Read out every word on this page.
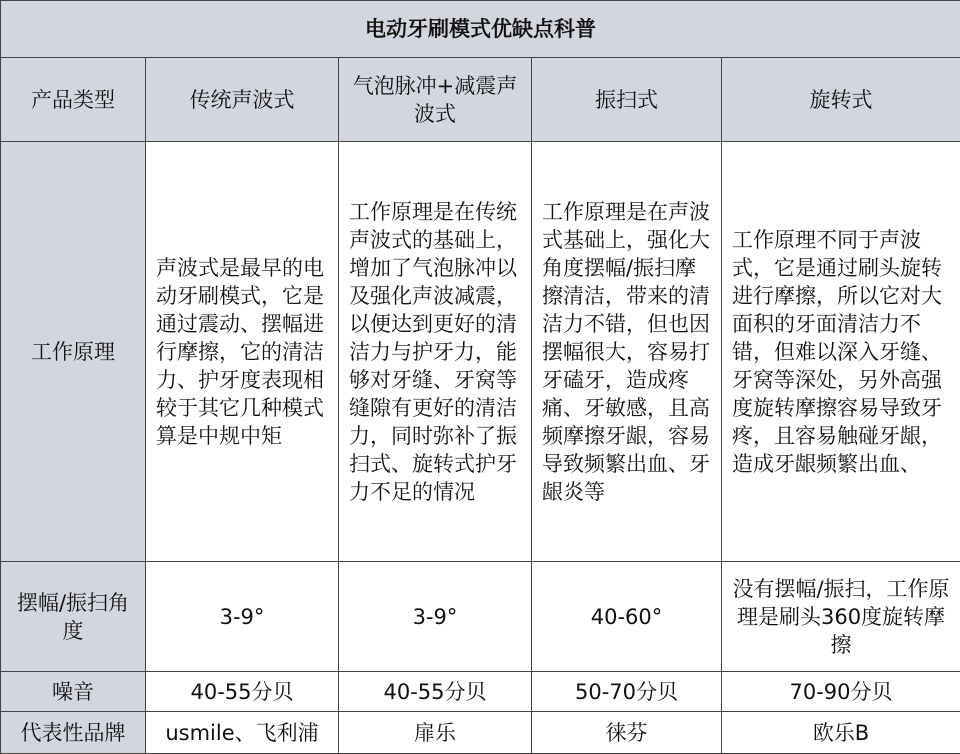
电动牙刷模式优缺点科普				
产品类型	传统声波式	气泡脉冲+减震声波式	振扫式	旋转式
工作原理	声波式是最早的电动牙刷模式，它是通过震动、摆幅进行摩擦，它的清洁力、护牙度表现相较于其它几种模式算是中规中矩	工作原理是在传统声波式的基础上，增加了气泡脉冲以及强化声波减震，以便达到更好的清洁力与护牙力，能够对牙缝、牙窝等缝隙有更好的清洁力，同时弥补了振扫式、旋转式护牙力不足的情况	工作原理是在声波式基础上，强化大角度摆幅/振扫摩擦清洁，带来的清洁力不错，但也因摆幅很大，容易打牙磕牙，造成疼痛、牙敏感，且高频摩擦牙龈，容易导致频繁出血、牙龈炎等	工作原理不同于声波式，它是通过刷头旋转进行摩擦，所以它对大面积的牙面清洁力不错，但难以深入牙缝、牙窝等深处，另外高强度旋转摩擦容易导致牙疼，且容易触碰牙龈，造成牙龈频繁出血、

摆幅/振扫角度	3-9°	3-9°	40-60°	没有摆幅/振扫，工作原理是刷头360度旋转摩擦
噪音	40-55分贝	40-55分贝	50-70分贝	70-90分贝
代表性品牌	usmile、飞利浦	扉乐	徕芬	欧乐B
